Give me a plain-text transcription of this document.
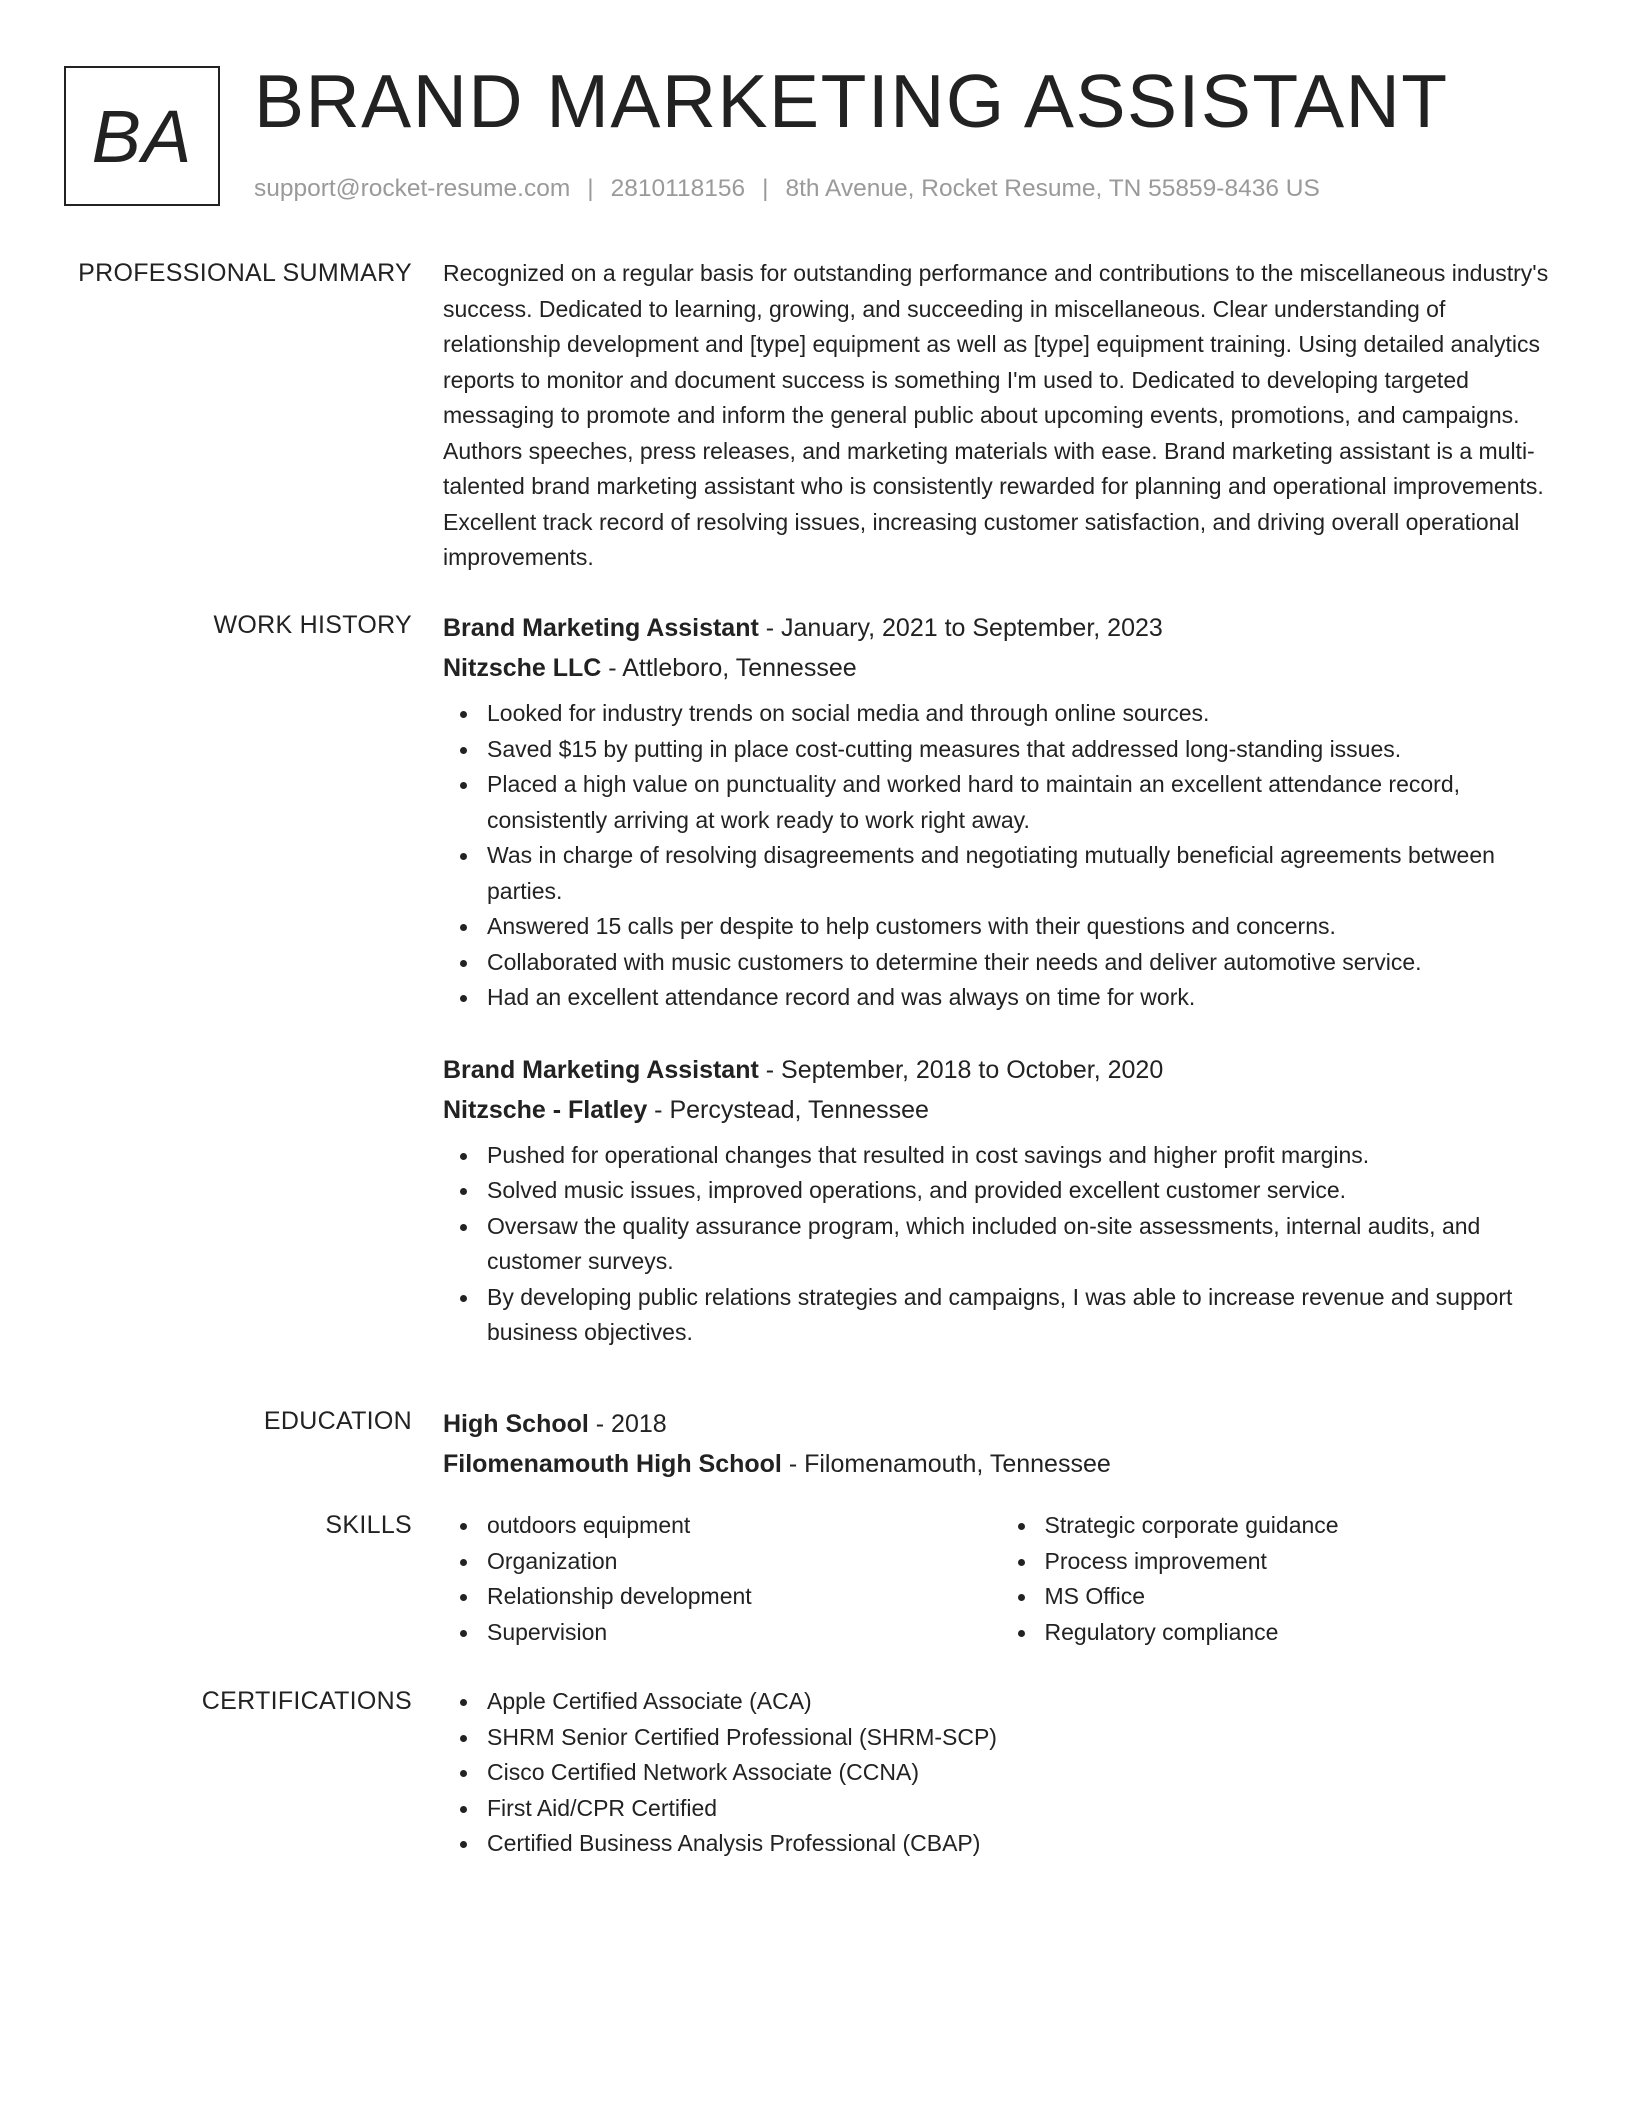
BA BRAND MARKETING ASSISTANT
support@rocket-resume.com | 2810118156 | 8th Avenue, Rocket Resume, TN 55859-8436 US
PROFESSIONAL SUMMARY Recognized on a regular basis for outstanding performance and contributions to the miscellaneous industry's success. Dedicated to learning, growing, and succeeding in miscellaneous. Clear understanding of relationship development and [type] equipment as well as [type] equipment training. Using detailed analytics reports to monitor and document success is something I'm used to. Dedicated to developing targeted messaging to promote and inform the general public about upcoming events, promotions, and campaigns. Authors speeches, press releases, and marketing materials with ease. Brand marketing assistant is a multi-talented brand marketing assistant who is consistently rewarded for planning and operational improvements. Excellent track record of resolving issues, increasing customer satisfaction, and driving overall operational improvements.

WORK HISTORY Brand Marketing Assistant - January, 2021 to September, 2023

Nitzsche LLC - Attleboro, Tennessee

Looked for industry trends on social media and through online sources.
Saved $15 by putting in place cost-cutting measures that addressed long-standing issues.
Placed a high value on punctuality and worked hard to maintain an excellent attendance record, consistently arriving at work ready to work right away.
Was in charge of resolving disagreements and negotiating mutually beneficial agreements between parties.
Answered 15 calls per despite to help customers with their questions and concerns.
Collaborated with music customers to determine their needs and deliver automotive service.
Had an excellent attendance record and was always on time for work.

Brand Marketing Assistant - September, 2018 to October, 2020

Nitzsche - Flatley - Percystead, Tennessee

Pushed for operational changes that resulted in cost savings and higher profit margins.
Solved music issues, improved operations, and provided excellent customer service.
Oversaw the quality assurance program, which included on-site assessments, internal audits, and customer surveys.
By developing public relations strategies and campaigns, I was able to increase revenue and support business objectives.
EDUCATION High School - 2018

Filomenamouth High School - Filomenamouth, Tennessee

SKILLS	outdoors equipment
Organization
Relationship development
Supervision
Strategic corporate guidance
Process improvement
MS Office
Regulatory compliance
CERTIFICATIONS	Apple Certified Associate (ACA)
SHRM Senior Certified Professional (SHRM-SCP)
Cisco Certified Network Associate (CCNA)
First Aid/CPR Certified
Certified Business Analysis Professional (CBAP)
